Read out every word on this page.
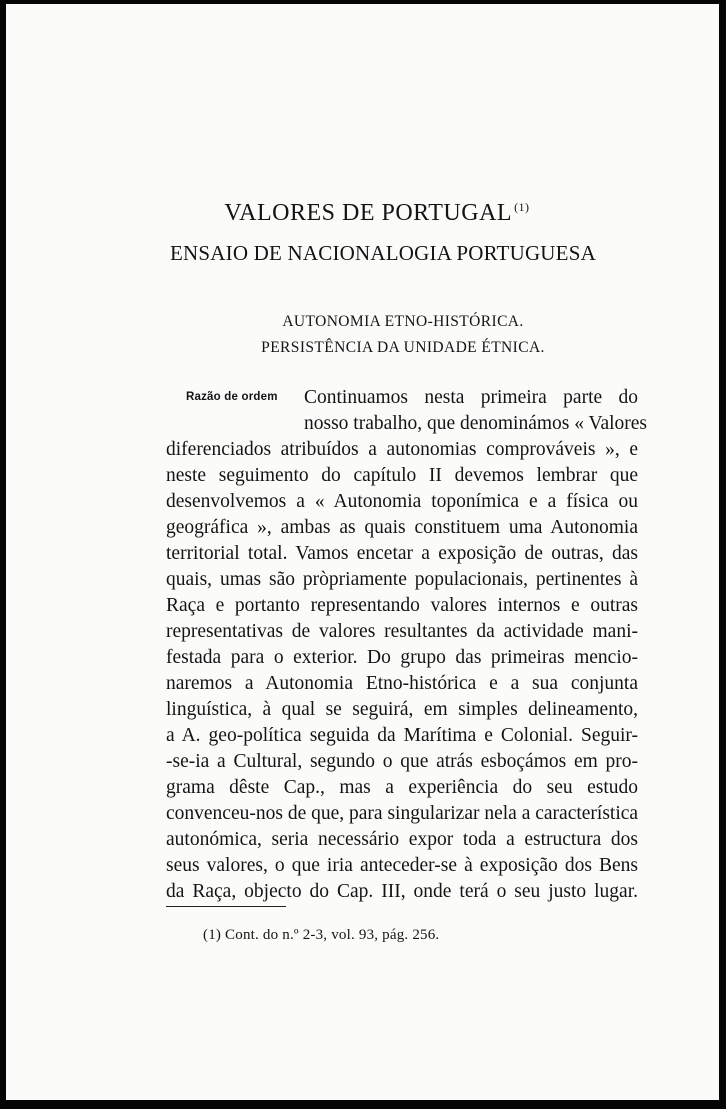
VALORES DE PORTUGAL $^{(1)}$
ENSAIO DE NACIONALOGIA PORTUGUESA
AUTONOMIA ETNO-HISTÓRICA.
PERSISTÊNCIA DA UNIDADE ÉTNICA.
Razão de ordem Continuamos nesta primeira parte do
nosso trabalho, que denominámos « Valores
diferenciados atribuídos a autonomias comprováveis », e
neste seguimento do capítulo II devemos lembrar que
desenvolvemos a « Autonomia toponímica e a física ou
geográfica », ambas as quais constituem uma Autonomia
territorial total. Vamos encetar a exposição de outras, das
quais, umas são pròpriamente populacionais, pertinentes à
Raça e portanto representando valores internos e outras
representativas de valores resultantes da actividade mani-
festada para o exterior. Do grupo das primeiras mencio-
naremos a Autonomia Etno-histórica e a sua conjunta
linguística, à qual se seguirá, em simples delineamento,
a A. geo-política seguida da Marítima e Colonial. Seguir-
-se-ia a Cultural, segundo o que atrás esboçámos em pro-
grama dêste Cap., mas a experiência do seu estudo
convenceu-nos de que, para singularizar nela a característica
autonómica, seria necessário expor toda a estructura dos
seus valores, o que iria anteceder-se à exposição dos Bens
da Raça, objecto do Cap. III, onde terá o seu justo lugar.
(1) Cont. do n.º 2-3, vol. 93, pág. 256.
